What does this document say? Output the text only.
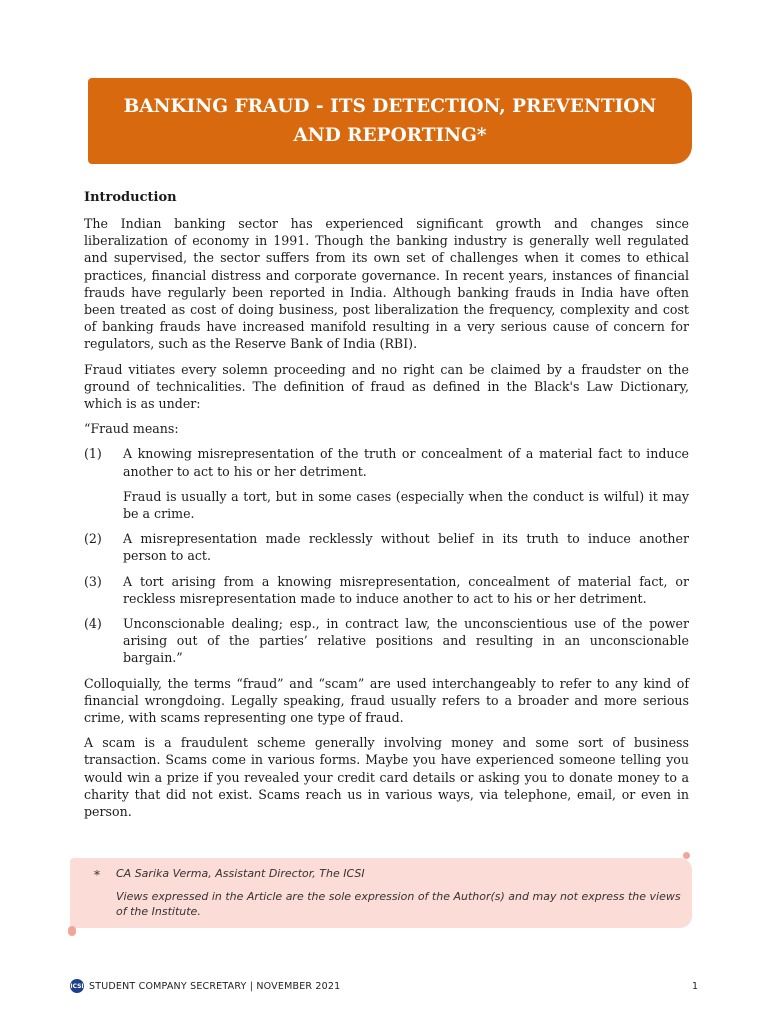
BANKING FRAUD - ITS DETECTION, PREVENTION
AND REPORTING*
Introduction

The Indian banking sector has experienced significant growth and changes since liberalization of economy in 1991. Though the banking industry is generally well regulated and supervised, the sector suffers from its own set of challenges when it comes to ethical practices, financial distress and corporate governance. In recent years, instances of financial frauds have regularly been reported in India. Although banking frauds in India have often been treated as cost of doing business, post liberalization the frequency, complexity and cost of banking frauds have increased manifold resulting in a very serious cause of concern for regulators, such as the Reserve Bank of India (RBI).

Fraud vitiates every solemn proceeding and no right can be claimed by a fraudster on the ground of technicalities. The definition of fraud as defined in the Black's Law Dictionary, which is as under:

“Fraud means:

(1)	A knowing misrepresentation of the truth or concealment of a material fact to induce another to act to his or her detriment.

Fraud is usually a tort, but in some cases (especially when the conduct is wilful) it may be a crime.

(2)	A misrepresentation made recklessly without belief in its truth to induce another person to act.

(3)	A tort arising from a knowing misrepresentation, concealment of material fact, or reckless misrepresentation made to induce another to act to his or her detriment.

(4)	Unconscionable dealing; esp., in contract law, the unconscientious use of the power arising out of the parties’ relative positions and resulting in an unconscionable bargain.”

Colloquially, the terms “fraud” and “scam” are used interchangeably to refer to any kind of financial wrongdoing. Legally speaking, fraud usually refers to a broader and more serious crime, with scams representing one type of fraud.

A scam is a fraudulent scheme generally involving money and some sort of business transaction. Scams come in various forms. Maybe you have experienced someone telling you would win a prize if you revealed your credit card details or asking you to donate money to a charity that did not exist. Scams reach us in various ways, via telephone, email, or even in person.

* CA Sarika Verma, Assistant Director, The ICSI
Views expressed in the Article are the sole expression of the Author(s) and may not express the views of the Institute.
ICSI STUDENT COMPANY SECRETARY | NOVEMBER 2021	1
